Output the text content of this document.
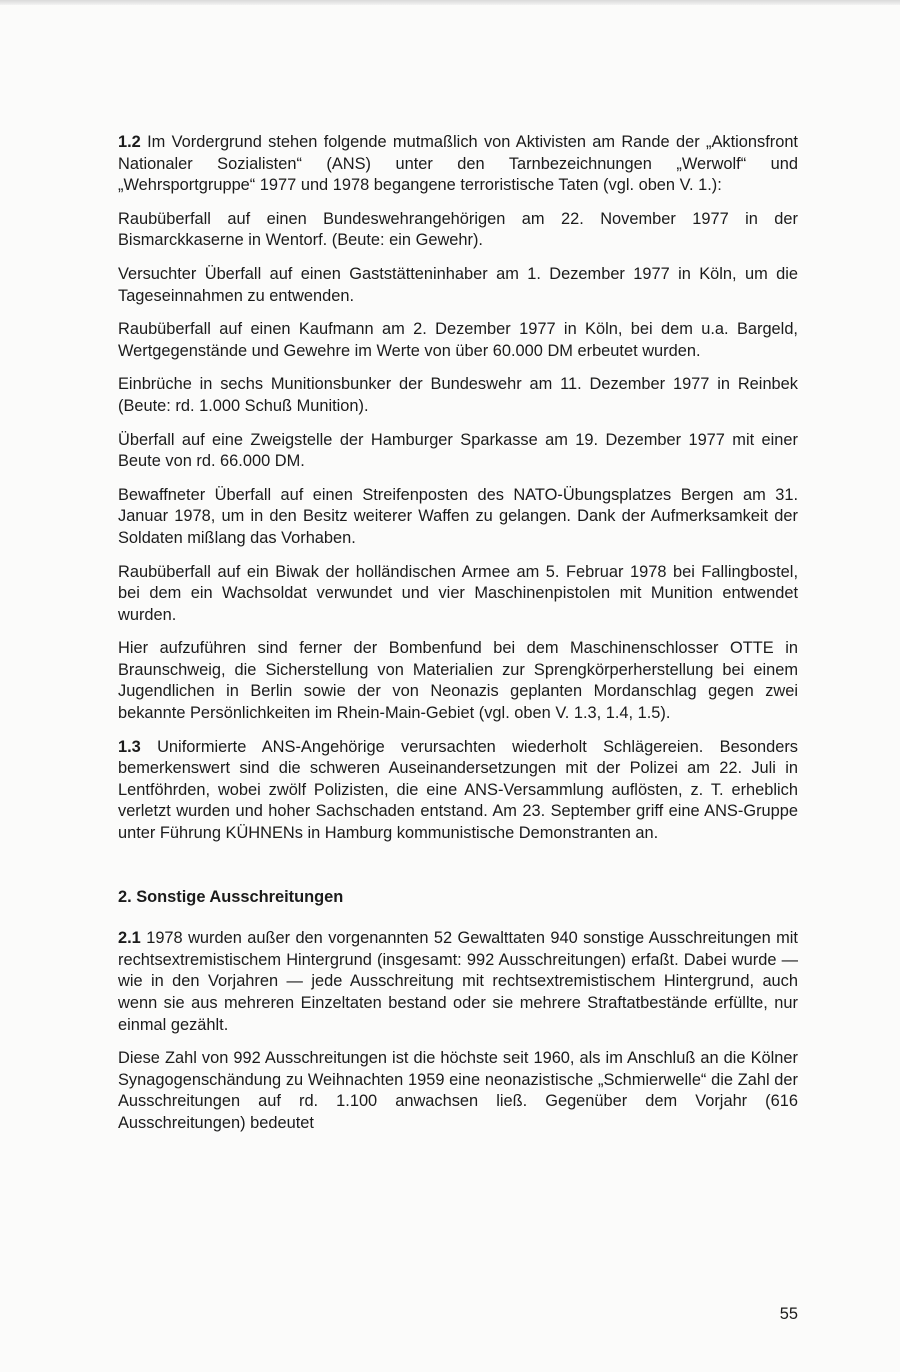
1.2 Im Vordergrund stehen folgende mutmaßlich von Aktivisten am Rande der „Aktionsfront Nationaler Sozialisten“ (ANS) unter den Tarnbezeichnungen „Werwolf“ und „Wehrsportgruppe“ 1977 und 1978 begangene terroristische Taten (vgl. oben V. 1.):

Raubüberfall auf einen Bundeswehrangehörigen am 22. November 1977 in der Bismarckkaserne in Wentorf. (Beute: ein Gewehr).

Versuchter Überfall auf einen Gaststätteninhaber am 1. Dezember 1977 in Köln, um die Tageseinnahmen zu entwenden.

Raubüberfall auf einen Kaufmann am 2. Dezember 1977 in Köln, bei dem u.a. Bargeld, Wertgegenstände und Gewehre im Werte von über 60.000 DM erbeutet wurden.

Einbrüche in sechs Munitionsbunker der Bundeswehr am 11. Dezember 1977 in Reinbek (Beute: rd. 1.000 Schuß Munition).

Überfall auf eine Zweigstelle der Hamburger Sparkasse am 19. Dezember 1977 mit einer Beute von rd. 66.000 DM.

Bewaffneter Überfall auf einen Streifenposten des NATO-Übungsplatzes Bergen am 31. Januar 1978, um in den Besitz weiterer Waffen zu gelangen. Dank der Aufmerksamkeit der Soldaten mißlang das Vorhaben.

Raubüberfall auf ein Biwak der holländischen Armee am 5. Februar 1978 bei Fallingbostel, bei dem ein Wachsoldat verwundet und vier Maschinenpistolen mit Munition entwendet wurden.

Hier aufzuführen sind ferner der Bombenfund bei dem Maschinenschlosser OTTE in Braunschweig, die Sicherstellung von Materialien zur Sprengkörperherstellung bei einem Jugendlichen in Berlin sowie der von Neonazis geplanten Mordanschlag gegen zwei bekannte Persönlichkeiten im Rhein-Main-Gebiet (vgl. oben V. 1.3, 1.4, 1.5).

1.3 Uniformierte ANS-Angehörige verursachten wiederholt Schlägereien. Besonders bemerkenswert sind die schweren Auseinandersetzungen mit der Polizei am 22. Juli in Lentföhrden, wobei zwölf Polizisten, die eine ANS-Versammlung auflösten, z. T. erheblich verletzt wurden und hoher Sachschaden entstand. Am 23. September griff eine ANS-Gruppe unter Führung KÜHNENs in Hamburg kommunistische Demonstranten an.

2. Sonstige Ausschreitungen

2.1 1978 wurden außer den vorgenannten 52 Gewalttaten 940 sonstige Ausschreitungen mit rechtsextremistischem Hintergrund (insgesamt: 992 Ausschreitungen) erfaßt. Dabei wurde — wie in den Vorjahren — jede Ausschreitung mit rechtsextremistischem Hintergrund, auch wenn sie aus mehreren Einzeltaten bestand oder sie mehrere Straftatbestände erfüllte, nur einmal gezählt.

Diese Zahl von 992 Ausschreitungen ist die höchste seit 1960, als im Anschluß an die Kölner Synagogenschändung zu Weihnachten 1959 eine neonazistische „Schmierwelle“ die Zahl der Ausschreitungen auf rd. 1.100 anwachsen ließ. Gegenüber dem Vorjahr (616 Ausschreitungen) bedeutet

55
